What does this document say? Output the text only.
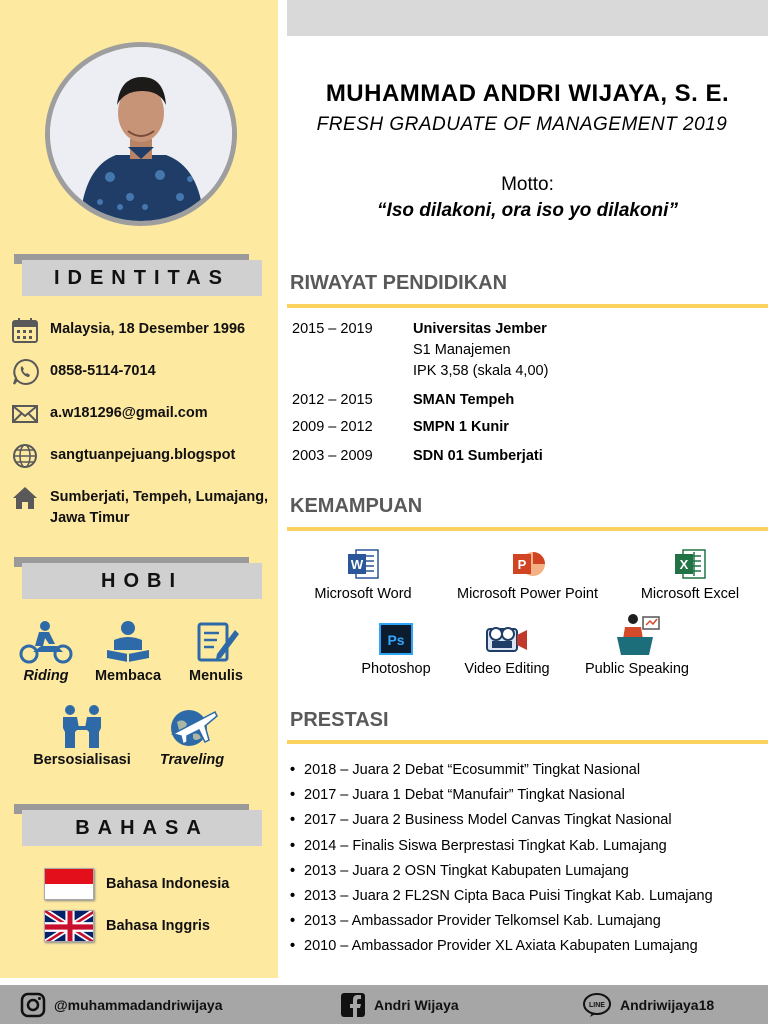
IDENTITAS
Malaysia, 18 Desember 1996
0858-5114-7014
a.w181296@gmail.com
sangtuanpejuang.blogspot
Sumberjati, Tempeh, Lumajang, Jawa Timur
HOBI
Riding	Membaca	Menulis
Bersosialisasi	Traveling
BAHASA
Bahasa Indonesia
Bahasa Inggris
MUHAMMAD ANDRI WIJAYA, S. E.
FRESH GRADUATE OF MANAGEMENT 2019
Motto:
“Iso dilakoni, ora iso yo dilakoni”
RIWAYAT PENDIDIKAN
2015 – 2019	Universitas Jember
S1 Manajemen
IPK 3,58 (skala 4,00)
2012 – 2015	SMAN Tempeh
2009 – 2012	SMPN 1 Kunir
2003 – 2009	SDN 01 Sumberjati
KEMAMPUAN
W
Microsoft Word
P
Microsoft Power Point
X
Microsoft Excel
Ps
Photoshop	Video Editing	Public Speaking
PRESTASI
• 2018 – Juara 2 Debat “Ecosummit” Tingkat Nasional
• 2017 – Juara 1 Debat “Manufair” Tingkat Nasional
• 2017 – Juara 2 Business Model Canvas Tingkat Nasional
• 2014 – Finalis Siswa Berprestasi Tingkat Kab. Lumajang
• 2013 – Juara 2 OSN Tingkat Kabupaten Lumajang
• 2013 – Juara 2 FL2SN Cipta Baca Puisi Tingkat Kab. Lumajang
• 2013 – Ambassador Provider Telkomsel Kab. Lumajang
• 2010 – Ambassador Provider XL Axiata Kabupaten Lumajang
@muhammadandriwijaya	Andri Wijaya	LINE Andriwijaya18
